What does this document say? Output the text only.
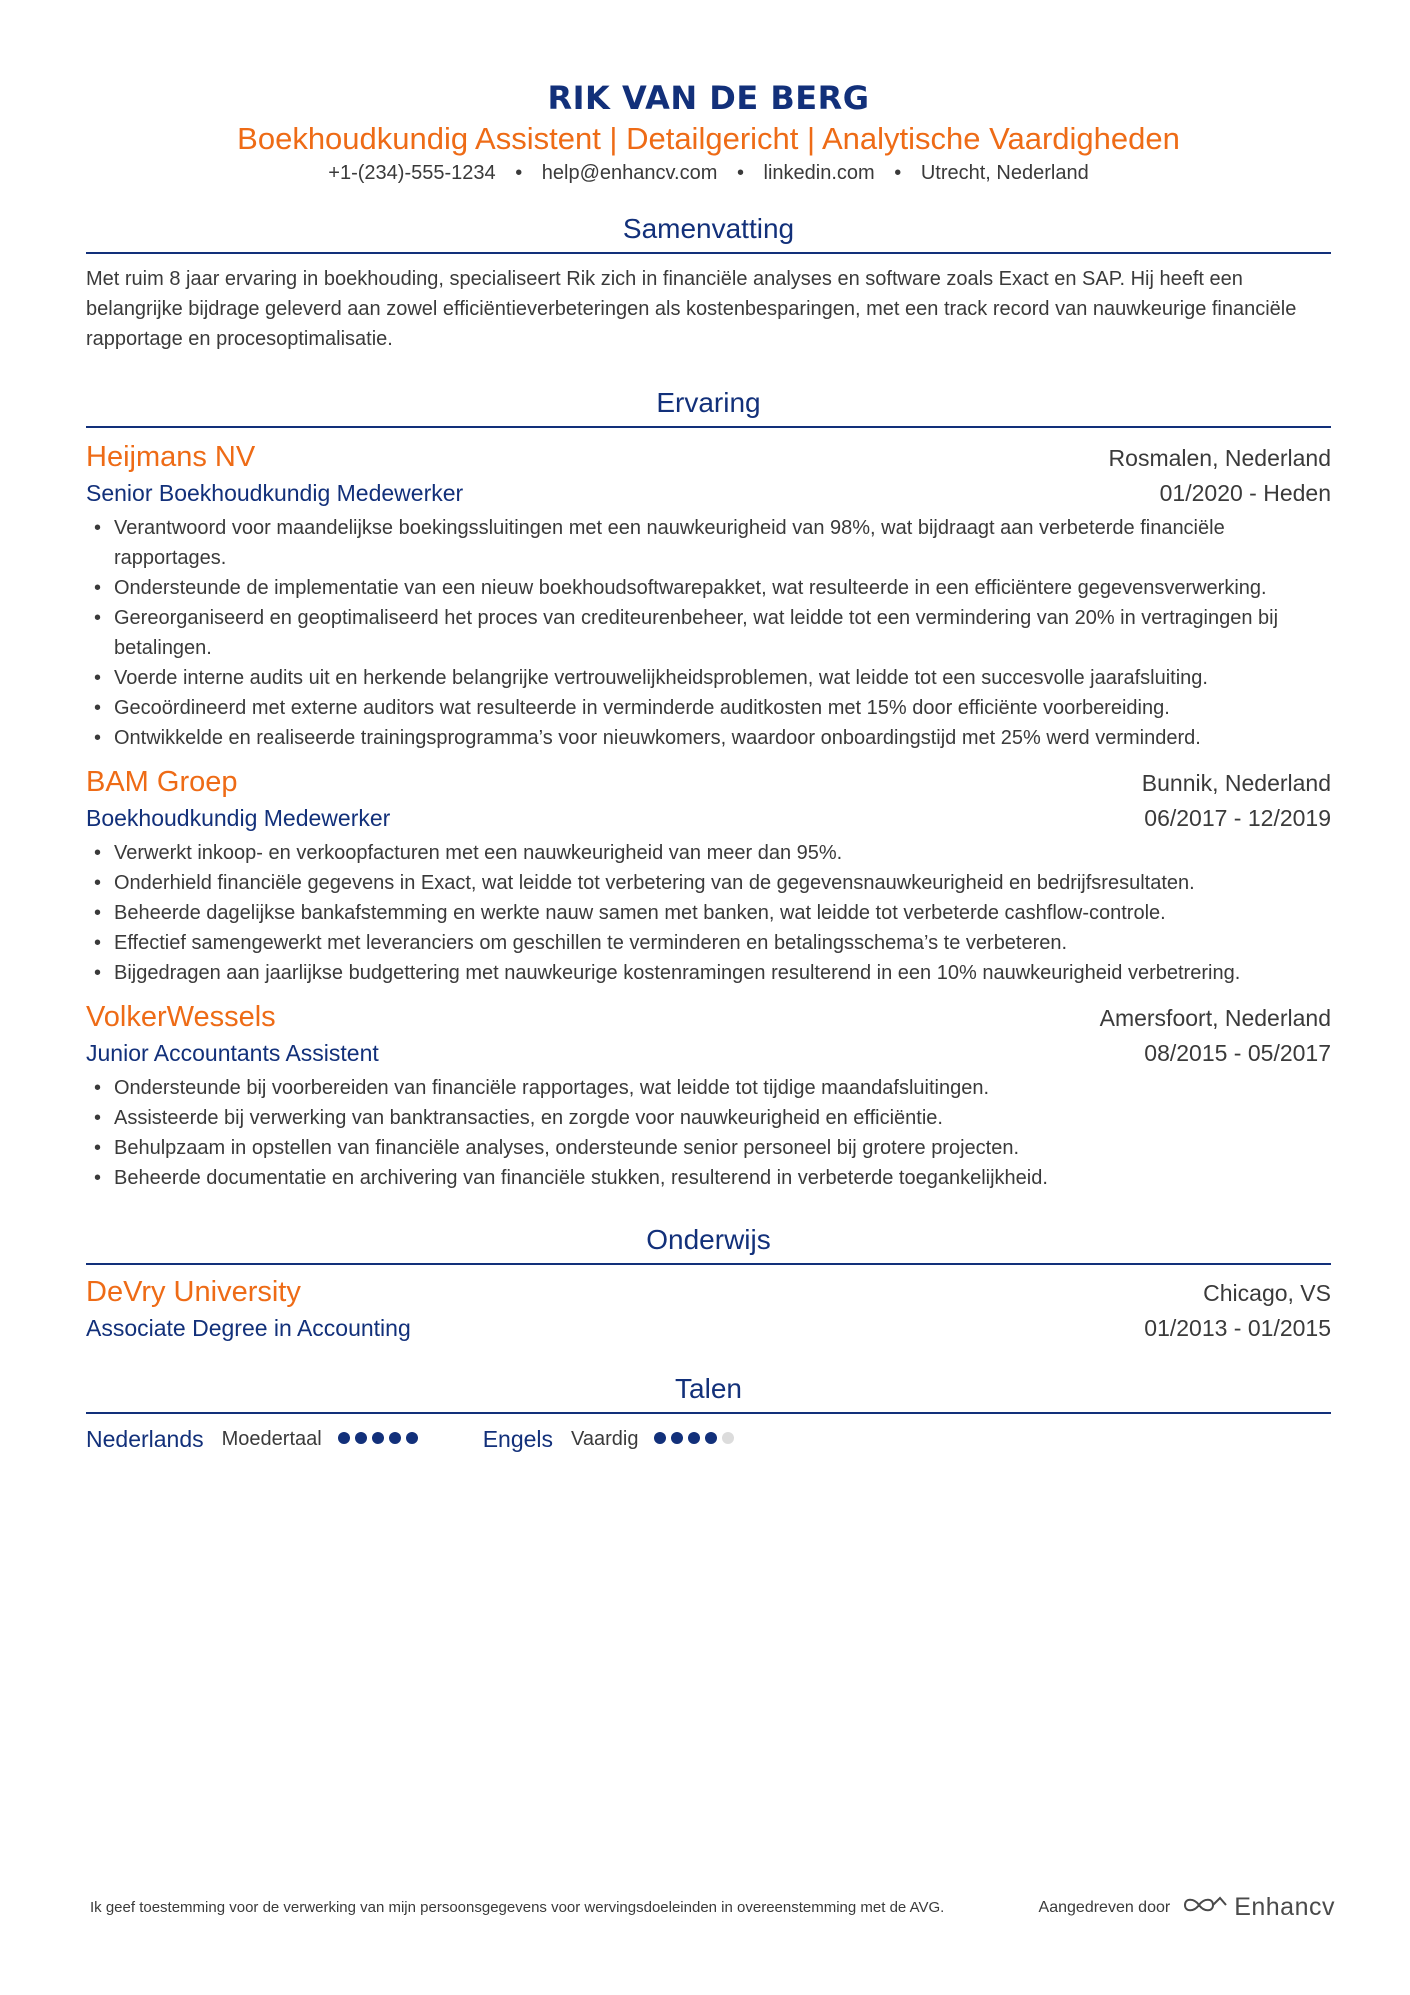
RIK VAN DE BERG
Boekhoudkundig Assistent | Detailgericht | Analytische Vaardigheden
+1-(234)-555-1234 • help@enhancv.com • linkedin.com • Utrecht, Nederland
Samenvatting
Met ruim 8 jaar ervaring in boekhouding, specialiseert Rik zich in financiële analyses en software zoals Exact en SAP. Hij heeft een belangrijke bijdrage geleverd aan zowel efficiëntieverbeteringen als kostenbesparingen, met een track record van nauwkeurige financiële rapportage en procesoptimalisatie.
Ervaring
Heijmans NV	Rosmalen, Nederland
Senior Boekhoudkundig Medewerker	01/2020 - Heden
• Verantwoord voor maandelijkse boekingssluitingen met een nauwkeurigheid van 98%, wat bijdraagt aan verbeterde financiële rapportages.
• Ondersteunde de implementatie van een nieuw boekhoudsoftwarepakket, wat resulteerde in een efficiëntere gegevensverwerking.
• Gereorganiseerd en geoptimaliseerd het proces van crediteurenbeheer, wat leidde tot een vermindering van 20% in vertragingen bij betalingen.
• Voerde interne audits uit en herkende belangrijke vertrouwelijkheidsproblemen, wat leidde tot een succesvolle jaarafsluiting.
• Gecoördineerd met externe auditors wat resulteerde in verminderde auditkosten met 15% door efficiënte voorbereiding.
• Ontwikkelde en realiseerde trainingsprogramma’s voor nieuwkomers, waardoor onboardingstijd met 25% werd verminderd.
BAM Groep	Bunnik, Nederland
Boekhoudkundig Medewerker	06/2017 - 12/2019
• Verwerkt inkoop- en verkoopfacturen met een nauwkeurigheid van meer dan 95%.
• Onderhield financiële gegevens in Exact, wat leidde tot verbetering van de gegevensnauwkeurigheid en bedrijfsresultaten.
• Beheerde dagelijkse bankafstemming en werkte nauw samen met banken, wat leidde tot verbeterde cashflow-controle.
• Effectief samengewerkt met leveranciers om geschillen te verminderen en betalingsschema’s te verbeteren.
• Bijgedragen aan jaarlijkse budgettering met nauwkeurige kostenramingen resulterend in een 10% nauwkeurigheid verbetrering.
VolkerWessels	Amersfoort, Nederland
Junior Accountants Assistent	08/2015 - 05/2017
• Ondersteunde bij voorbereiden van financiële rapportages, wat leidde tot tijdige maandafsluitingen.
• Assisteerde bij verwerking van banktransacties, en zorgde voor nauwkeurigheid en efficiëntie.
• Behulpzaam in opstellen van financiële analyses, ondersteunde senior personeel bij grotere projecten.
• Beheerde documentatie en archivering van financiële stukken, resulterend in verbeterde toegankelijkheid.
Onderwijs
DeVry University	Chicago, VS
Associate Degree in Accounting	01/2013 - 01/2015
Talen
Nederlands Moedertaal	Engels Vaardig
Ik geef toestemming voor de verwerking van mijn persoonsgegevens voor wervingsdoeleinden in overeenstemming met de AVG.	Aangedreven door	Enhancv
